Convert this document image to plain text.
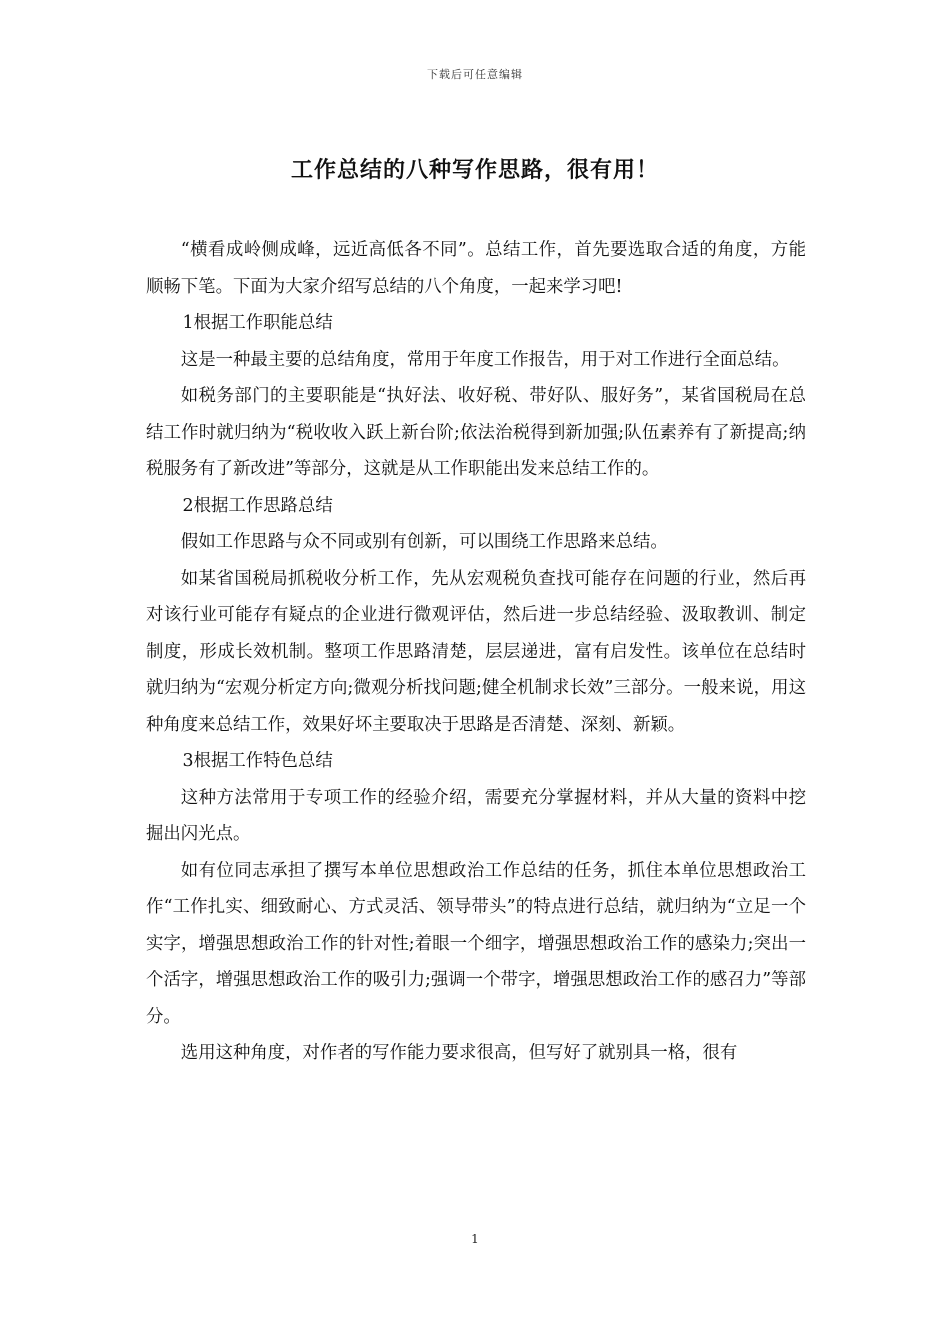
下载后可任意编辑
工作总结的八种写作思路，很有用！

“横看成岭侧成峰，远近高低各不同”。总结工作，首先要选取合适的角度，方能顺畅下笔。下面为大家介绍写总结的八个角度，一起来学习吧!

1根据工作职能总结

这是一种最主要的总结角度，常用于年度工作报告，用于对工作进行全面总结。

如税务部门的主要职能是“执好法、收好税、带好队、服好务”，某省国税局在总结工作时就归纳为“税收收入跃上新台阶;依法治税得到新加强;队伍素养有了新提高;纳税服务有了新改进”等部分，这就是从工作职能出发来总结工作的。

2根据工作思路总结

假如工作思路与众不同或别有创新，可以围绕工作思路来总结。

如某省国税局抓税收分析工作，先从宏观税负查找可能存在问题的行业，然后再对该行业可能存有疑点的企业进行微观评估，然后进一步总结经验、汲取教训、制定制度，形成长效机制。整项工作思路清楚，层层递进，富有启发性。该单位在总结时就归纳为“宏观分析定方向;微观分析找问题;健全机制求长效”三部分。一般来说，用这种角度来总结工作，效果好坏主要取决于思路是否清楚、深刻、新颖。

3根据工作特色总结

这种方法常用于专项工作的经验介绍，需要充分掌握材料，并从大量的资料中挖掘出闪光点。

如有位同志承担了撰写本单位思想政治工作总结的任务，抓住本单位思想政治工作“工作扎实、细致耐心、方式灵活、领导带头”的特点进行总结，就归纳为“立足一个实字，增强思想政治工作的针对性;着眼一个细字，增强思想政治工作的感染力;突出一个活字，增强思想政治工作的吸引力;强调一个带字，增强思想政治工作的感召力”等部分。

选用这种角度，对作者的写作能力要求很高，但写好了就别具一格，很有

1
